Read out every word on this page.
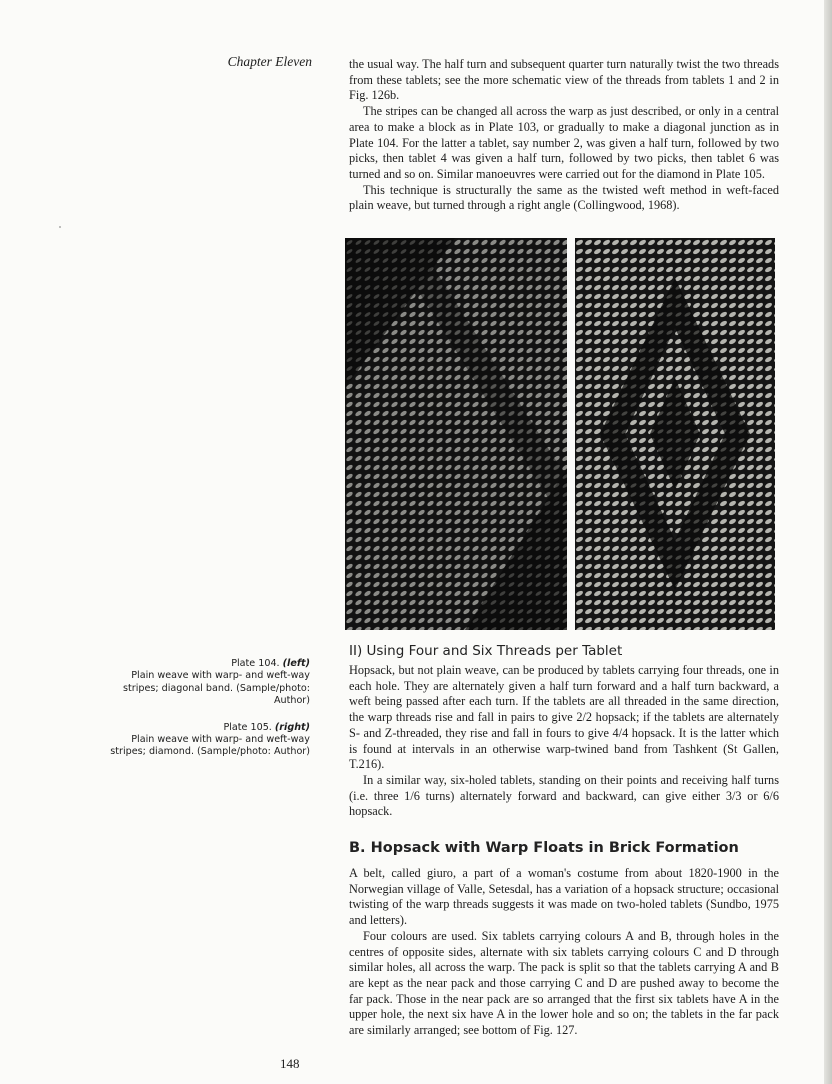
Chapter Eleven	the usual way. The half turn and subsequent quarter turn naturally twist the two threads from these tablets; see the more schematic view of the threads from tablets 1 and 2 in Fig. 126b.

The stripes can be changed all across the warp as just described, or only in a central area to make a block as in Plate 103, or gradually to make a diagonal junction as in Plate 104. For the latter a tablet, say number 2, was given a half turn, followed by two picks, then tablet 4 was given a half turn, followed by two picks, then tablet 6 was turned and so on. Similar manoeuvres were carried out for the diamond in Plate 105.

This technique is structurally the same as the twisted weft method in weft-faced plain weave, but turned through a right angle (Collingwood, 1968).

II) Using Four and Six Threads per Tablet

Hopsack, but not plain weave, can be produced by tablets carrying four threads, one in each hole. They are alternately given a half turn forward and a half turn backward, a weft being passed after each turn. If the tablets are all threaded in the same direction, the warp threads rise and fall in pairs to give 2/2 hopsack; if the tablets are alternately S- and Z-threaded, they rise and fall in fours to give 4/4 hopsack. It is the latter which is found at intervals in an otherwise warp-twined band from Tashkent (St Gallen, T.216).

In a similar way, six-holed tablets, standing on their points and receiving half turns (i.e. three 1/6 turns) alternately forward and backward, can give either 3/3 or 6/6 hopsack.

B. Hopsack with Warp Floats in Brick Formation

A belt, called giuro, a part of a woman's costume from about 1820-1900 in the Norwegian village of Valle, Setesdal, has a variation of a hopsack structure; occasional twisting of the warp threads suggests it was made on two-holed tablets (Sundbo, 1975 and letters).

Four colours are used. Six tablets carrying colours A and B, through holes in the centres of opposite sides, alternate with six tablets carrying colours C and D through similar holes, all across the warp. The pack is split so that the tablets carrying A and B are kept as the near pack and those carrying C and D are pushed away to become the far pack. Those in the near pack are so arranged that the first six tablets have A in the upper hole, the next six have A in the lower hole and so on; the tablets in the far pack are similarly arranged; see bottom of Fig. 127.

Plate 104. (left)
Plain weave with warp- and weft-way stripes; diagonal band. (Sample/photo: Author)
Plate 105. (right)
Plain weave with warp- and weft-way stripes; diamond. (Sample/photo: Author)
148
